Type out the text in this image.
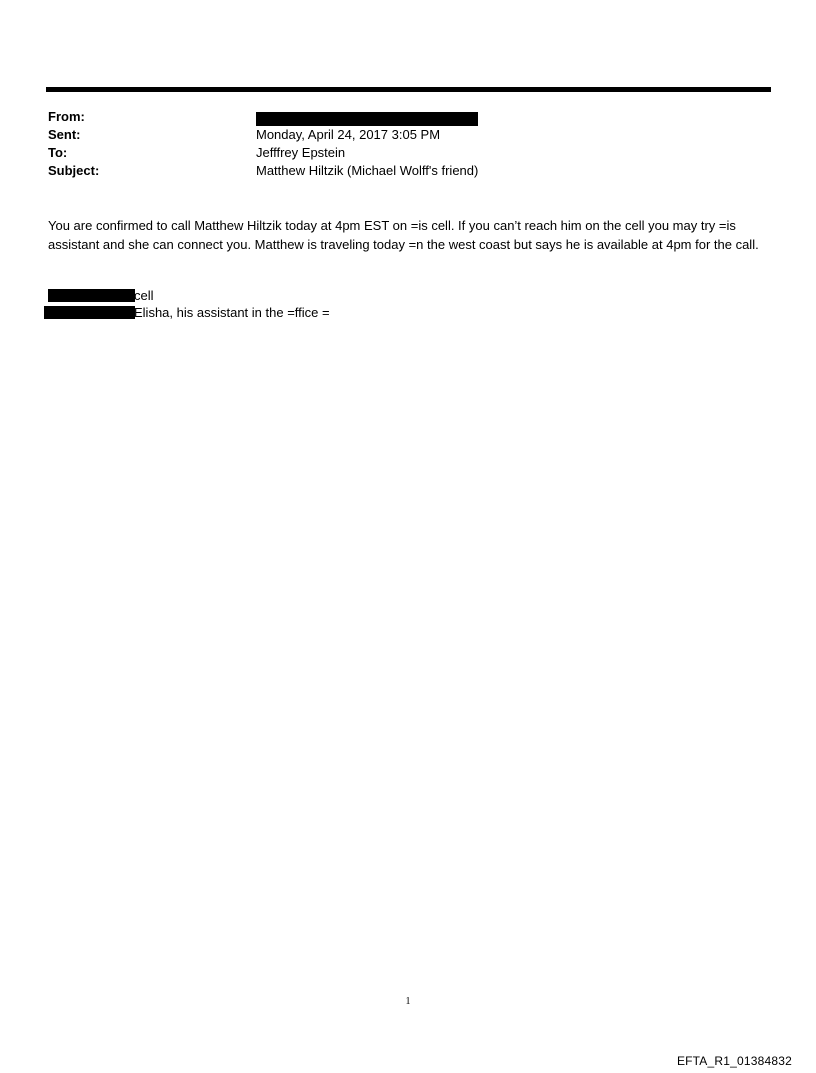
From:
Sent:	Monday, April 24, 2017 3:05 PM
To:	Jefffrey Epstein
Subject:	Matthew Hiltzik (Michael Wolff's friend)
You are confirmed to call Matthew Hiltzik today at 4pm EST on =is cell. If you can’t reach him on the cell you may try =is assistant and she can connect you. Matthew is traveling today =n the west coast but says he is available at 4pm for the call.
cell
Elisha, his assistant in the =ffice =
1
EFTA_R1_01384832
